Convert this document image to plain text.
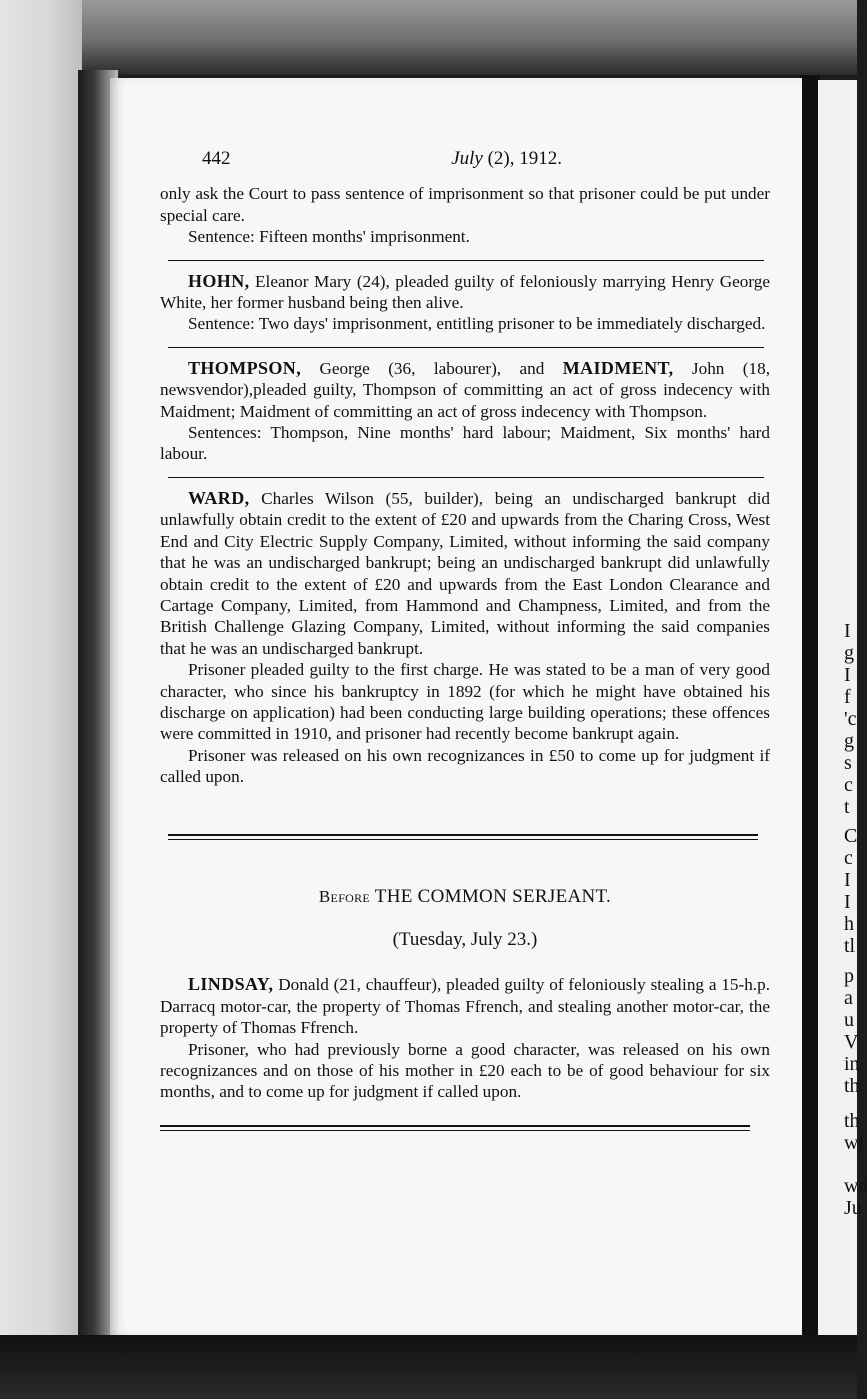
I
g
I
f
'c
g
s
c
t
C
c
I
I
h
tl
p
a
u
V
in
th
th
wi
wa
Ju
442	July (2), 1912.

only ask the Court to pass sentence of imprisonment so that prisoner could be put under special care.

Sentence: Fifteen months' imprisonment.

HOHN, Eleanor Mary (24), pleaded guilty of feloniously marrying Henry George White, her former husband being then alive.

Sentence: Two days' imprisonment, entitling prisoner to be immediately discharged.

THOMPSON, George (36, labourer), and MAIDMENT, John (18, newsvendor),pleaded guilty, Thompson of committing an act of gross indecency with Maidment; Maidment of committing an act of gross indecency with Thompson.

Sentences: Thompson, Nine months' hard labour; Maidment, Six months' hard labour.

WARD, Charles Wilson (55, builder), being an undischarged bankrupt did unlawfully obtain credit to the extent of £20 and upwards from the Charing Cross, West End and City Electric Supply Company, Limited, without informing the said company that he was an undischarged bankrupt; being an undischarged bankrupt did unlawfully obtain credit to the extent of £20 and upwards from the East London Clearance and Cartage Company, Limited, from Hammond and Champness, Limited, and from the British Challenge Glazing Company, Limited, without informing the said companies that he was an undischarged bankrupt.

Prisoner pleaded guilty to the first charge. He was stated to be a man of very good character, who since his bankruptcy in 1892 (for which he might have obtained his discharge on application) had been conducting large building operations; these offences were committed in 1910, and prisoner had recently become bankrupt again.

Prisoner was released on his own recognizances in £50 to come up for judgment if called upon.

Before THE COMMON SERJEANT.
(Tuesday, July 23.)

LINDSAY, Donald (21, chauffeur), pleaded guilty of feloniously stealing a 15-h.p. Darracq motor-car, the property of Thomas Ffrench, and stealing another motor-car, the property of Thomas Ffrench.

Prisoner, who had previously borne a good character, was released on his own recognizances and on those of his mother in £20 each to be of good behaviour for six months, and to come up for judgment if called upon.
